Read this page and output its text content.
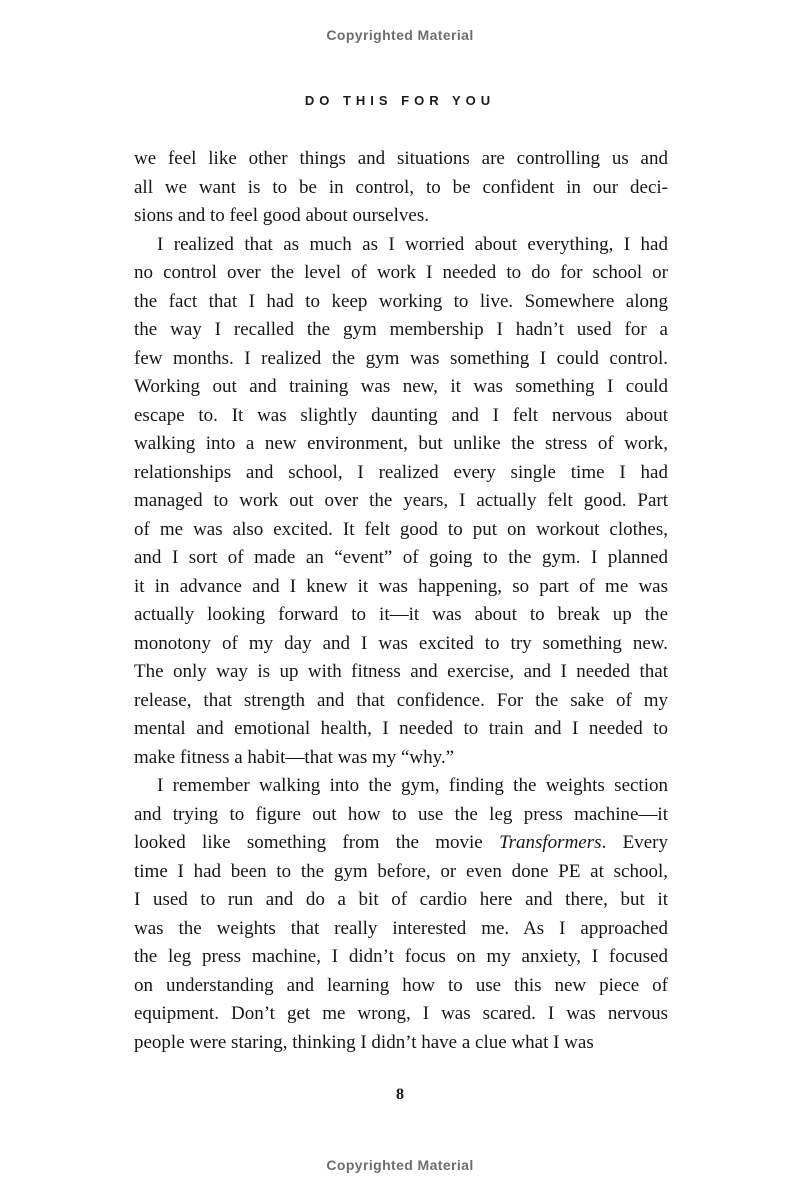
Copyrighted Material
DO THIS FOR YOU
we feel like other things and situations are controlling us and
all we want is to be in control, to be confident in our deci-
sions and to feel good about ourselves.
I realized that as much as I worried about everything, I had
no control over the level of work I needed to do for school or
the fact that I had to keep working to live. Somewhere along
the way I recalled the gym membership I hadn’t used for a
few months. I realized the gym was something I could control.
Working out and training was new, it was something I could
escape to. It was slightly daunting and I felt nervous about
walking into a new environment, but unlike the stress of work,
relationships and school, I realized every single time I had
managed to work out over the years, I actually felt good. Part
of me was also excited. It felt good to put on workout clothes,
and I sort of made an “event” of going to the gym. I planned
it in advance and I knew it was happening, so part of me was
actually looking forward to it—it was about to break up the
monotony of my day and I was excited to try something new.
The only way is up with fitness and exercise, and I needed that
release, that strength and that confidence. For the sake of my
mental and emotional health, I needed to train and I needed to
make fitness a habit—that was my “why.”
I remember walking into the gym, finding the weights section
and trying to figure out how to use the leg press machine—it
looked like something from the movie Transformers. Every
time I had been to the gym before, or even done PE at school,
I used to run and do a bit of cardio here and there, but it
was the weights that really interested me. As I approached
the leg press machine, I didn’t focus on my anxiety, I focused
on understanding and learning how to use this new piece of
equipment. Don’t get me wrong, I was scared. I was nervous
people were staring, thinking I didn’t have a clue what I was
8
Copyrighted Material
